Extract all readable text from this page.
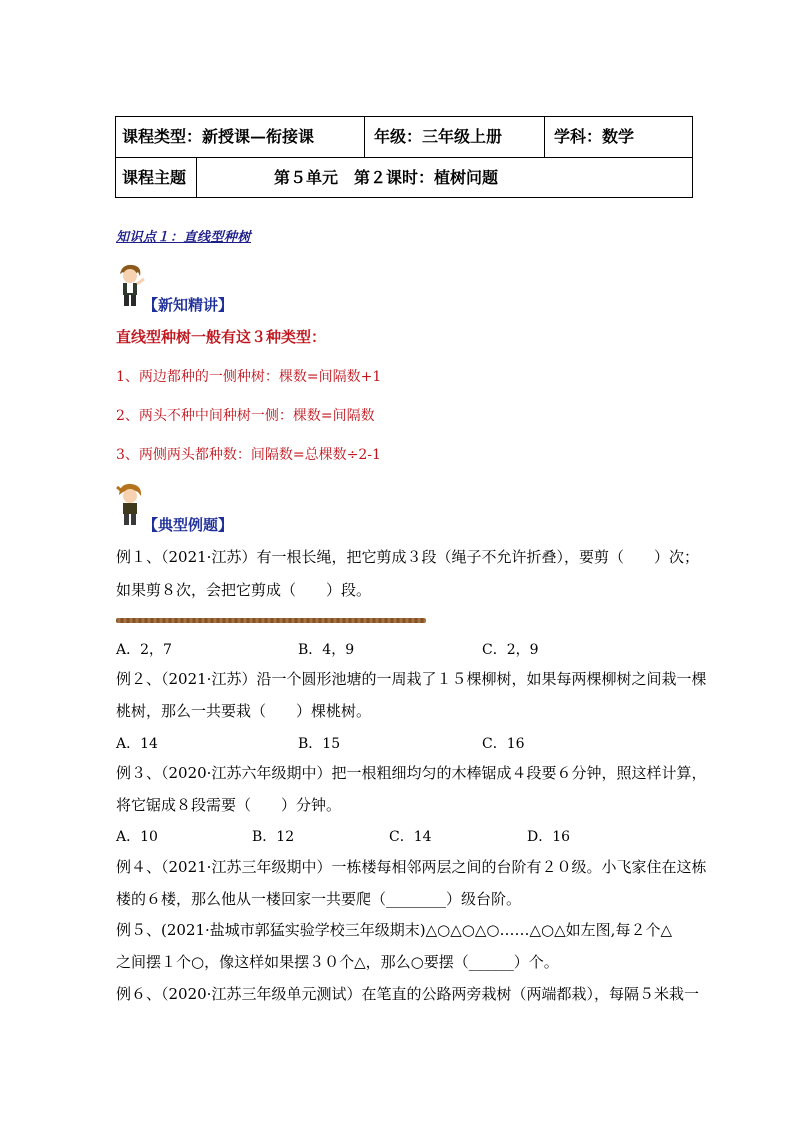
课程类型：新授课—衔接课	年级：三年级上册	学科：数学
课程主题	第５单元　第２课时：植树问题
知识点１：直线型种树
【新知精讲】
直线型种树一般有这３种类型：
1、两边都种的一侧种树：棵数=间隔数+1
2、两头不种中间种树一侧：棵数=间隔数
3、两侧两头都种数：间隔数=总棵数÷2-1
【典型例题】
例１、（2021·江苏）有一根长绳，把它剪成３段（绳子不允许折叠），要剪（　　）次；
如果剪８次，会把它剪成（　　）段。
A．2，7	B．4，9	C．2，9
例２、（2021·江苏）沿一个圆形池塘的一周栽了１５棵柳树，如果每两棵柳树之间栽一棵
桃树，那么一共要栽（　　）棵桃树。
A．14	B．15	C．16
例３、（2020·江苏六年级期中）把一根粗细均匀的木棒锯成４段要６分钟，照这样计算，
将它锯成８段需要（　　）分钟。
A．10	B．12	C．14	D．16
例４、（2021·江苏三年级期中）一栋楼每相邻两层之间的台阶有２０级。小飞家住在这栋
楼的６楼，那么他从一楼回家一共要爬（________）级台阶。
例５、(2021·盐城市郭猛实验学校三年级期末)△○△○△○……△○△如左图,每２个△
之间摆１个○，像这样如果摆３０个△，那么○要摆（______）个。
例６、（2020·江苏三年级单元测试）在笔直的公路两旁栽树（两端都栽），每隔５米栽一
